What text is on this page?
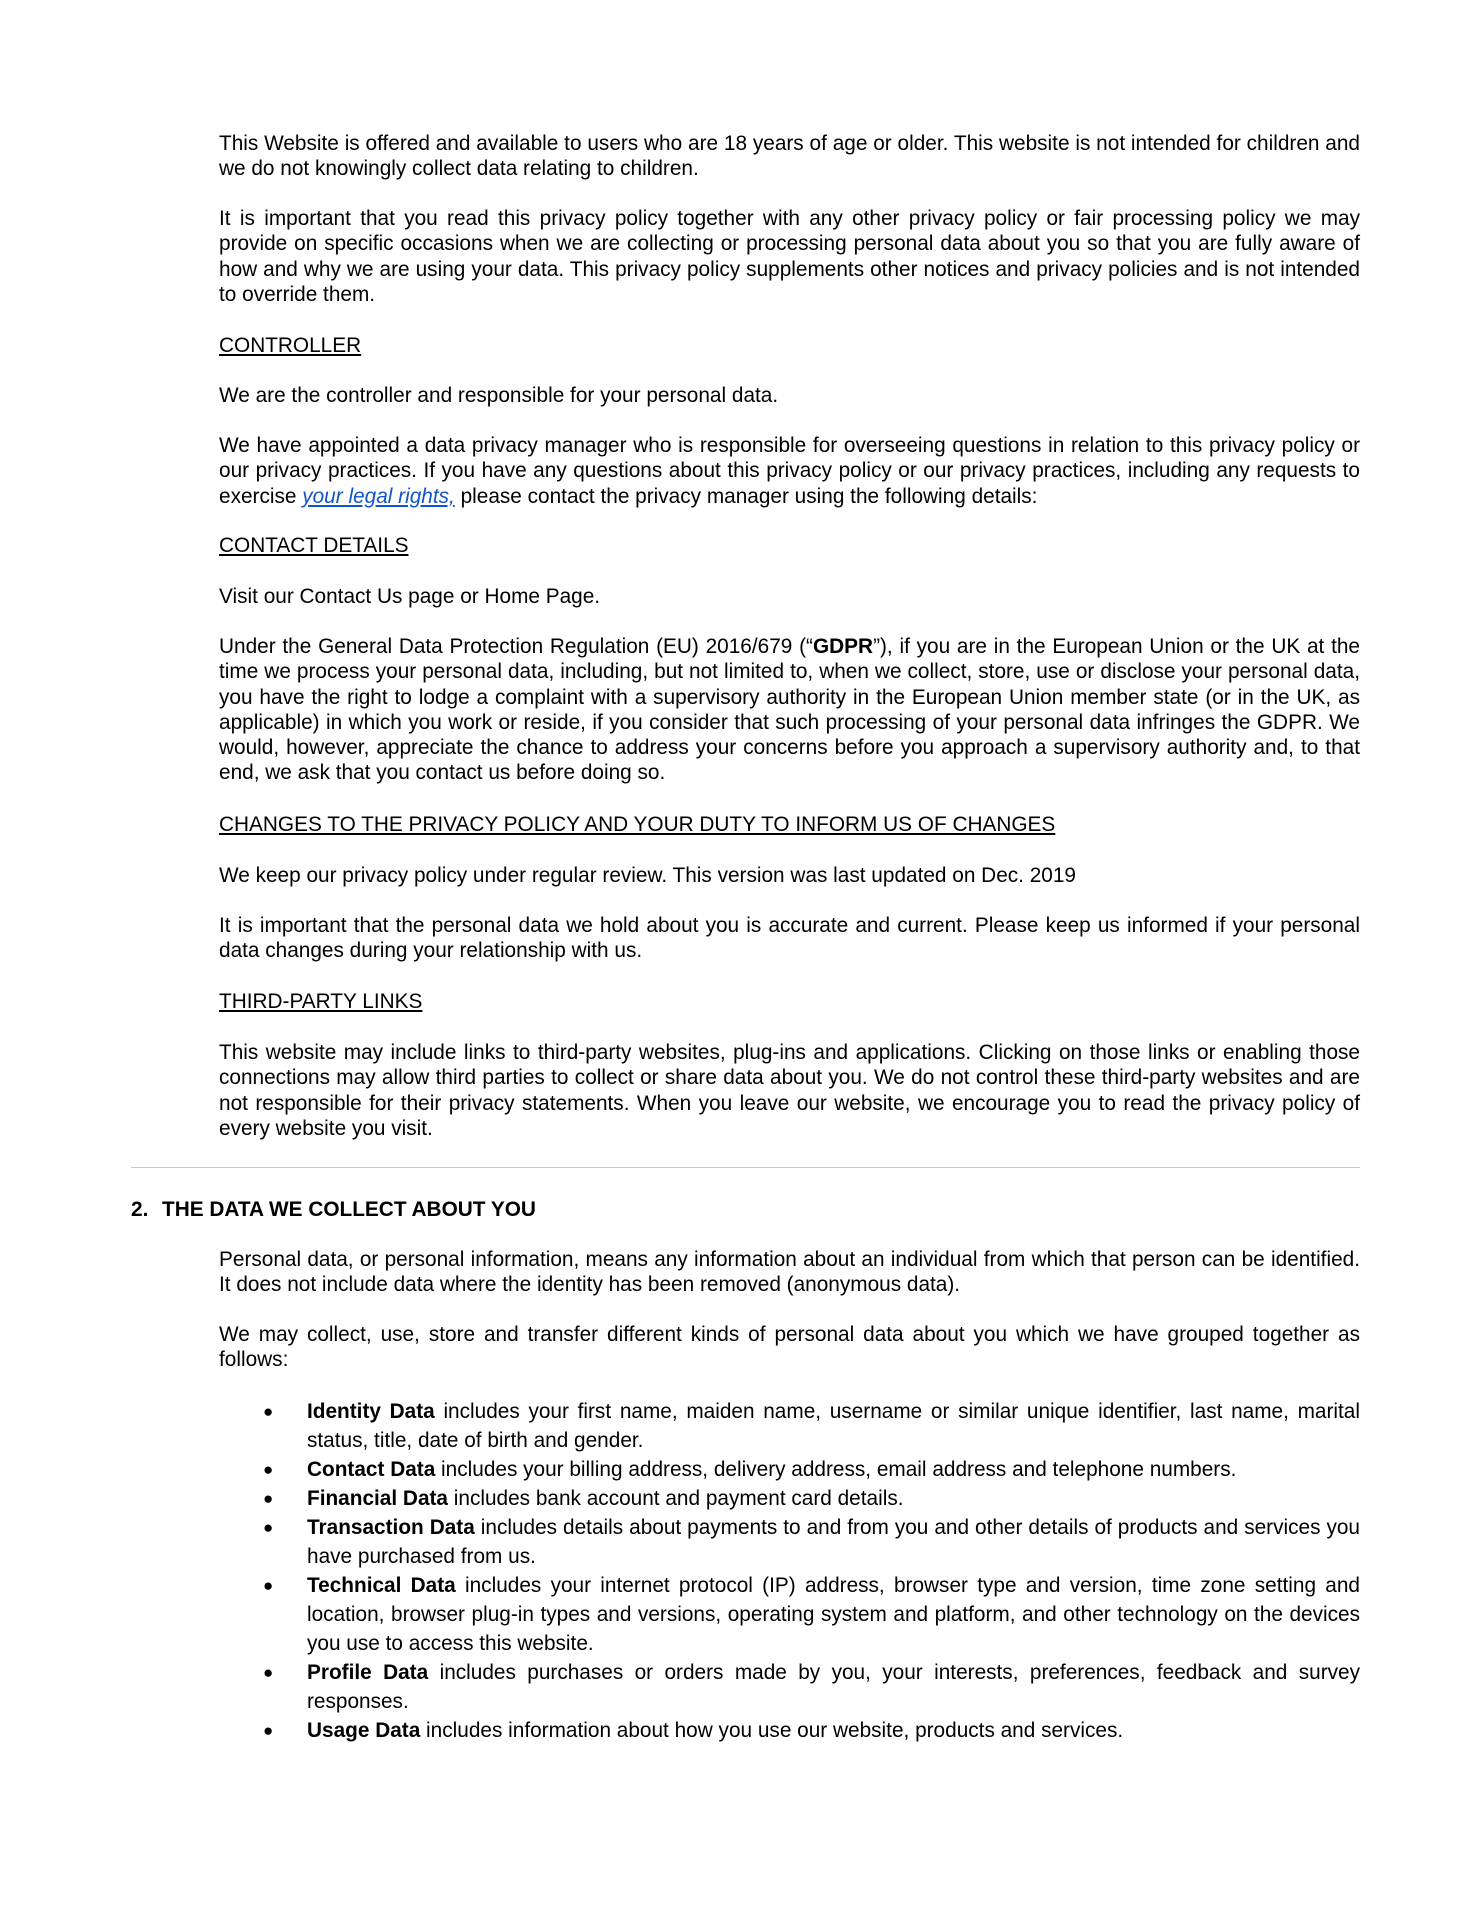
This Website is offered and available to users who are 18 years of age or older. This website is not intended for children and we do not knowingly collect data relating to children.

It is important that you read this privacy policy together with any other privacy policy or fair processing policy we may provide on specific occasions when we are collecting or processing personal data about you so that you are fully aware of how and why we are using your data. This privacy policy supplements other notices and privacy policies and is not intended to override them.

CONTROLLER

We are the controller and responsible for your personal data.

We have appointed a data privacy manager who is responsible for overseeing questions in relation to this privacy policy or our privacy practices. If you have any questions about this privacy policy or our privacy practices, including any requests to exercise your legal rights, please contact the privacy manager using the following details:

CONTACT DETAILS

Visit our Contact Us page or Home Page.

Under the General Data Protection Regulation (EU) 2016/679 (“GDPR”), if you are in the European Union or the UK at the time we process your personal data, including, but not limited to, when we collect, store, use or disclose your personal data, you have the right to lodge a complaint with a supervisory authority in the European Union member state (or in the UK, as applicable) in which you work or reside, if you consider that such processing of your personal data infringes the GDPR. We would, however, appreciate the chance to address your concerns before you approach a supervisory authority and, to that end, we ask that you contact us before doing so.

CHANGES TO THE PRIVACY POLICY AND YOUR DUTY TO INFORM US OF CHANGES

We keep our privacy policy under regular review. This version was last updated on Dec. 2019

It is important that the personal data we hold about you is accurate and current. Please keep us informed if your personal data changes during your relationship with us.

THIRD-PARTY LINKS

This website may include links to third-party websites, plug-ins and applications. Clicking on those links or enabling those connections may allow third parties to collect or share data about you. We do not control these third-party websites and are not responsible for their privacy statements. When you leave our website, we encourage you to read the privacy policy of every website you visit.

2. THE DATA WE COLLECT ABOUT YOU

Personal data, or personal information, means any information about an individual from which that person can be identified. It does not include data where the identity has been removed (anonymous data).

We may collect, use, store and transfer different kinds of personal data about you which we have grouped together as follows:

● Identity Data includes your first name, maiden name, username or similar unique identifier, last name, marital status, title, date of birth and gender.
● Contact Data includes your billing address, delivery address, email address and telephone numbers.
● Financial Data includes bank account and payment card details.
● Transaction Data includes details about payments to and from you and other details of products and services you have purchased from us.
● Technical Data includes your internet protocol (IP) address, browser type and version, time zone setting and location, browser plug-in types and versions, operating system and platform, and other technology on the devices you use to access this website.
● Profile Data includes purchases or orders made by you, your interests, preferences, feedback and survey responses.
● Usage Data includes information about how you use our website, products and services.
